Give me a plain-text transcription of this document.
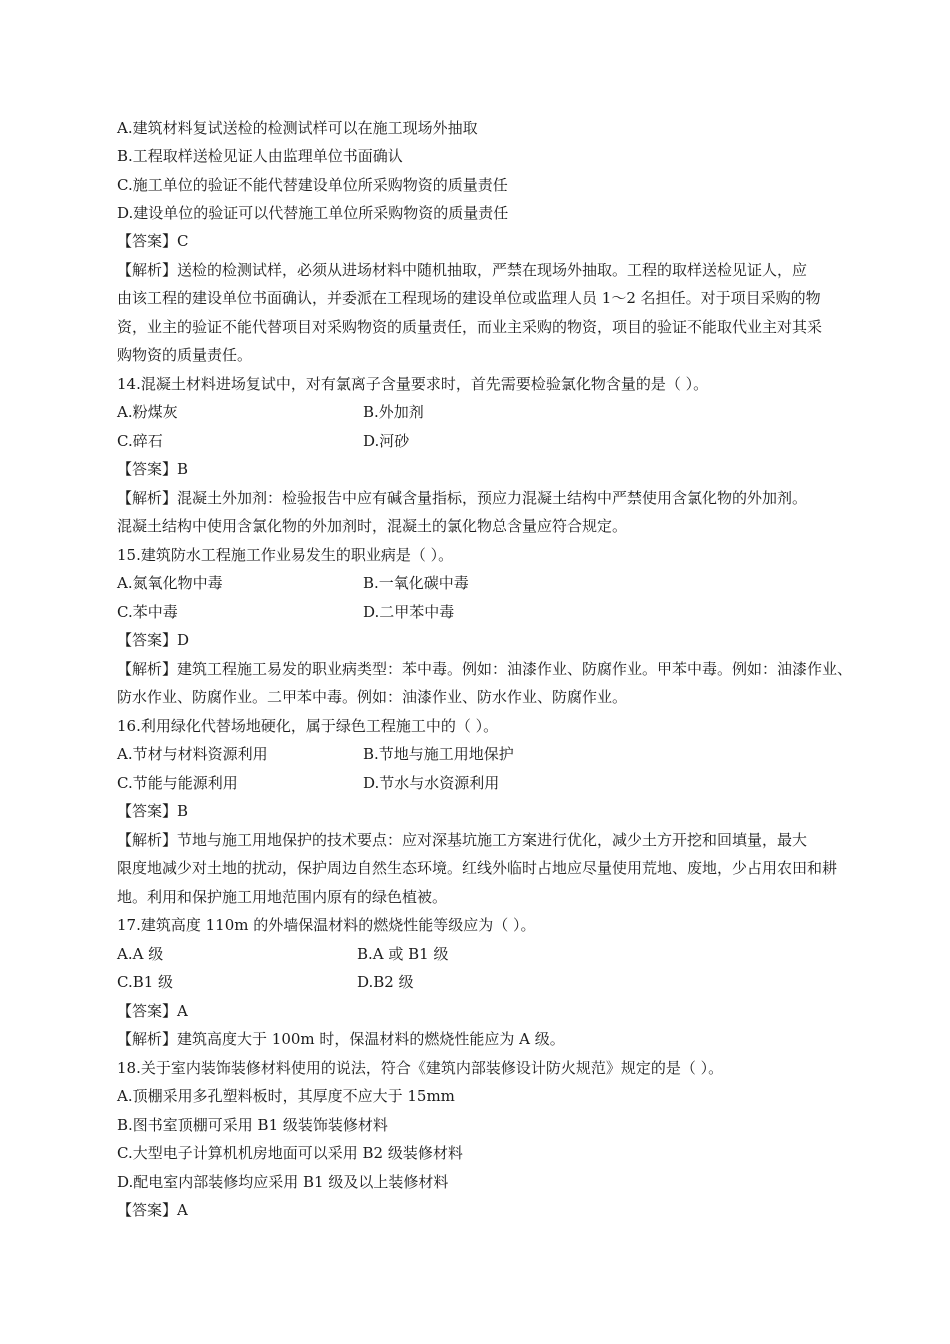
A.建筑材料复试送检的检测试样可以在施工现场外抽取
B.工程取样送检见证人由监理单位书面确认
C.施工单位的验证不能代替建设单位所采购物资的质量责任
D.建设单位的验证可以代替施工单位所采购物资的质量责任
【答案】C
【解析】送检的检测试样，必须从进场材料中随机抽取，严禁在现场外抽取。工程的取样送检见证人，应
由该工程的建设单位书面确认，并委派在工程现场的建设单位或监理人员 1～2 名担任。对于项目采购的物
资，业主的验证不能代替项目对采购物资的质量责任，而业主采购的物资，项目的验证不能取代业主对其采
购物资的质量责任。
14.混凝土材料进场复试中，对有氯离子含量要求时，首先需要检验氯化物含量的是（ ）。
A.粉煤灰	B.外加剂
C.碎石	D.河砂
【答案】B
【解析】混凝土外加剂：检验报告中应有碱含量指标，预应力混凝土结构中严禁使用含氯化物的外加剂。
混凝土结构中使用含氯化物的外加剂时，混凝土的氯化物总含量应符合规定。
15.建筑防水工程施工作业易发生的职业病是（ ）。
A.氮氧化物中毒	B.一氧化碳中毒
C.苯中毒	D.二甲苯中毒
【答案】D
【解析】建筑工程施工易发的职业病类型：苯中毒。例如：油漆作业、防腐作业。甲苯中毒。例如：油漆作业、
防水作业、防腐作业。二甲苯中毒。例如：油漆作业、防水作业、防腐作业。
16.利用绿化代替场地硬化，属于绿色工程施工中的（ ）。
A.节材与材料资源利用	B.节地与施工用地保护
C.节能与能源利用	D.节水与水资源利用
【答案】B
【解析】节地与施工用地保护的技术要点：应对深基坑施工方案进行优化，减少土方开挖和回填量，最大
限度地减少对土地的扰动，保护周边自然生态环境。红线外临时占地应尽量使用荒地、废地，少占用农田和耕
地。利用和保护施工用地范围内原有的绿色植被。
17.建筑高度 110m 的外墙保温材料的燃烧性能等级应为（ ）。
A.A 级	B.A 或 B1 级
C.B1 级	D.B2 级
【答案】A
【解析】建筑高度大于 100m 时，保温材料的燃烧性能应为 A 级。
18.关于室内装饰装修材料使用的说法，符合《建筑内部装修设计防火规范》规定的是（ ）。
A.顶棚采用多孔塑料板时，其厚度不应大于 15mm
B.图书室顶棚可采用 B1 级装饰装修材料
C.大型电子计算机机房地面可以采用 B2 级装修材料
D.配电室内部装修均应采用 B1 级及以上装修材料
【答案】A
